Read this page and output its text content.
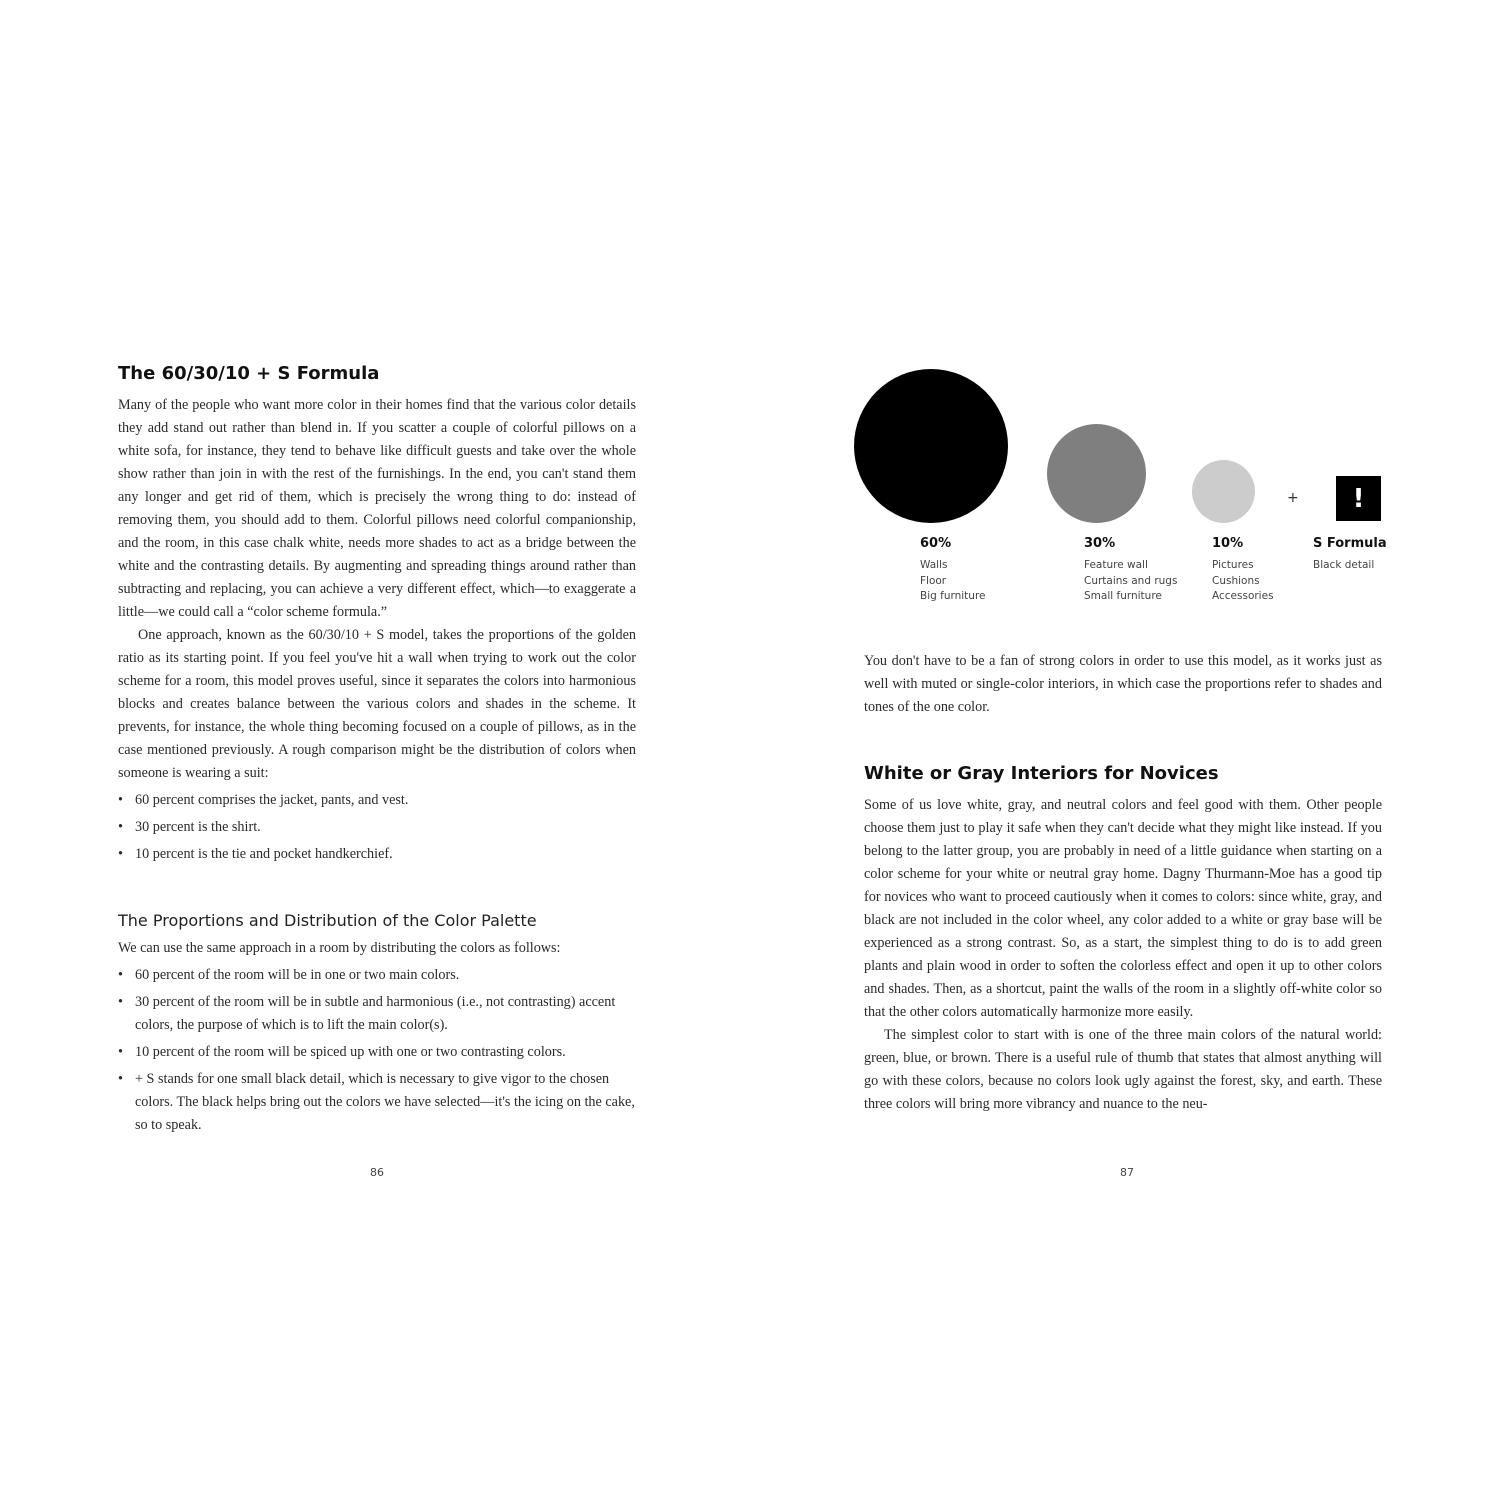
The 60/30/10 + S Formula

Many of the people who want more color in their homes find that the various color details they add stand out rather than blend in. If you scatter a couple of colorful pillows on a white sofa, for instance, they tend to behave like difficult guests and take over the whole show rather than join in with the rest of the furnishings. In the end, you can't stand them any longer and get rid of them, which is precisely the wrong thing to do: instead of removing them, you should add to them. Colorful pillows need colorful companionship, and the room, in this case chalk white, needs more shades to act as a bridge between the white and the contrasting details. By augmenting and spreading things around rather than subtracting and replacing, you can achieve a very different effect, which—to exaggerate a little—we could call a “color scheme formula.”

One approach, known as the 60/30/10 + S model, takes the proportions of the golden ratio as its starting point. If you feel you've hit a wall when trying to work out the color scheme for a room, this model proves useful, since it separates the colors into harmonious blocks and creates balance between the various colors and shades in the scheme. It prevents, for instance, the whole thing becoming focused on a couple of pillows, as in the case mentioned previously. A rough comparison might be the distribution of colors when someone is wearing a suit:

• 60 percent comprises the jacket, pants, and vest.
• 30 percent is the shirt.
• 10 percent is the tie and pocket handkerchief.
The Proportions and Distribution of the Color Palette

We can use the same approach in a room by distributing the colors as follows:

• 60 percent of the room will be in one or two main colors.
• 30 percent of the room will be in subtle and harmonious (i.e., not contrasting) accent colors, the purpose of which is to lift the main color(s).
• 10 percent of the room will be spiced up with one or two contrasting colors.
• + S stands for one small black detail, which is necessary to give vigor to the chosen colors. The black helps bring out the colors we have selected—it's the icing on the cake, so to speak.
86
+ !
60%
Walls
Floor
Big furniture
30%
Feature wall
Curtains and rugs
Small furniture
10%
Pictures
Cushions
Accessories
S Formula
Black detail

You don't have to be a fan of strong colors in order to use this model, as it works just as well with muted or single-color interiors, in which case the proportions refer to shades and tones of the one color.

White or Gray Interiors for Novices

Some of us love white, gray, and neutral colors and feel good with them. Other people choose them just to play it safe when they can't decide what they might like instead. If you belong to the latter group, you are probably in need of a little guidance when starting on a color scheme for your white or neutral gray home. Dagny Thurmann-Moe has a good tip for novices who want to proceed cautiously when it comes to colors: since white, gray, and black are not included in the color wheel, any color added to a white or gray base will be experienced as a strong contrast. So, as a start, the simplest thing to do is to add green plants and plain wood in order to soften the colorless effect and open it up to other colors and shades. Then, as a shortcut, paint the walls of the room in a slightly off-white color so that the other colors automatically harmonize more easily.

The simplest color to start with is one of the three main colors of the natural world: green, blue, or brown. There is a useful rule of thumb that states that almost anything will go with these colors, because no colors look ugly against the forest, sky, and earth. These three colors will bring more vibrancy and nuance to the neu-

87
